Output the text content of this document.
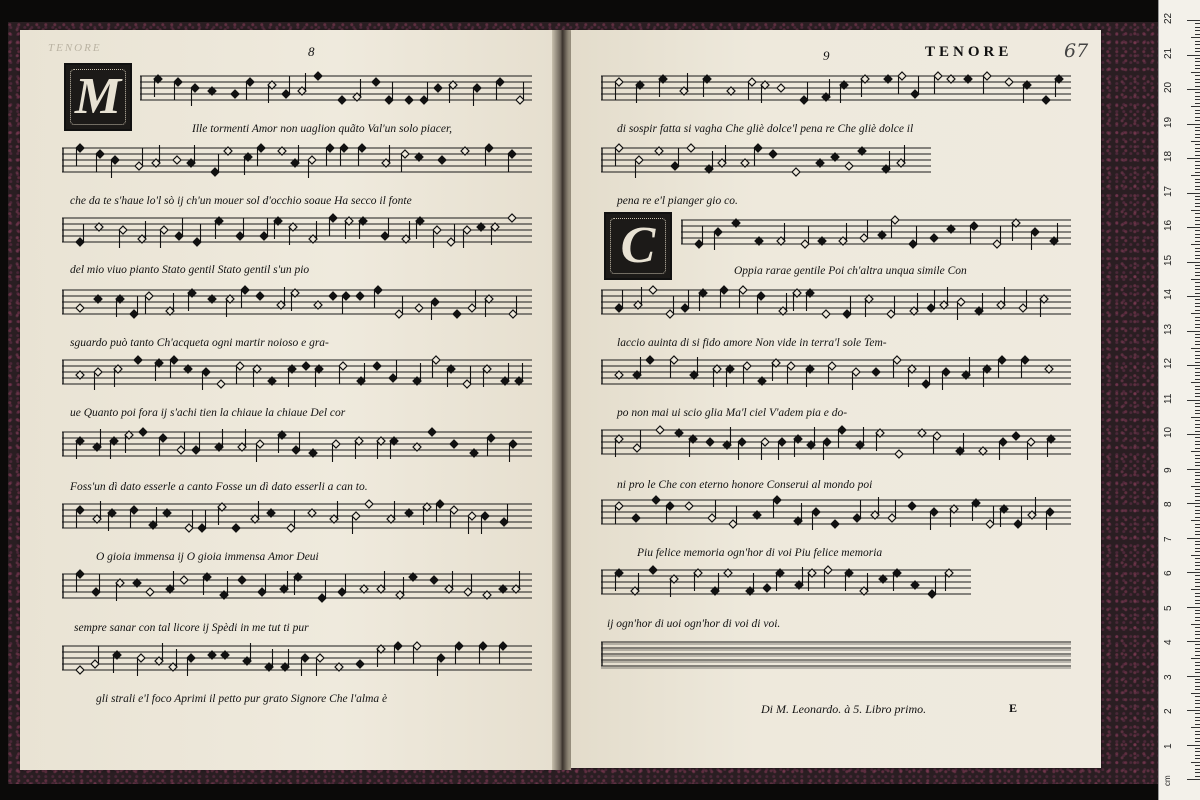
cm
22
21
20
19
18
17
16
15
14
13
12
11
10
9
8
7
6
5
4
3
2
1
TENORE	8
M
Ille tormenti Amor non uaglion quãto Val'un solo piacer,
che da te s'haue lo'l sò ij ch'un mouer sol d'occhio soaue Ha secco il fonte
del mio viuo pianto Stato gentil Stato gentil s'un pio
sguardo può tanto Ch'acqueta ogni martir noioso e gra-
ue Quanto poi fora ij s'achi tien la chiaue la chiaue Del cor
Foss'un dì dato esserle a canto Fosse un dì dato esserli a can to.
O gioia immensa ij O gioia immensa Amor Deui
sempre sanar con tal licore ij Spèdi in me tut ti pur
gli strali e'l foco Aprimi il petto pur grato Signore Che l'alma è
9	TENORE	67
di sospir fatta si vagha Che gliè dolce'l pena re Che gliè dolce il
pena re e'l pianger gio co.
C	Oppia rarae gentile Poi ch'altra unqua simile Con
laccio auinta di si fido amore Non vide in terra'l sole Tem-
po non mai ui scio glia Ma'l ciel V'adem pia e do-
ni pro le Che con eterno honore Conserui al mondo poi
Piu felice memoria ogn'hor di voi Piu felice memoria
ij ogn'hor di uoi ogn'hor di voi di voi.
Di M. Leonardo. à 5. Libro primo.	E
